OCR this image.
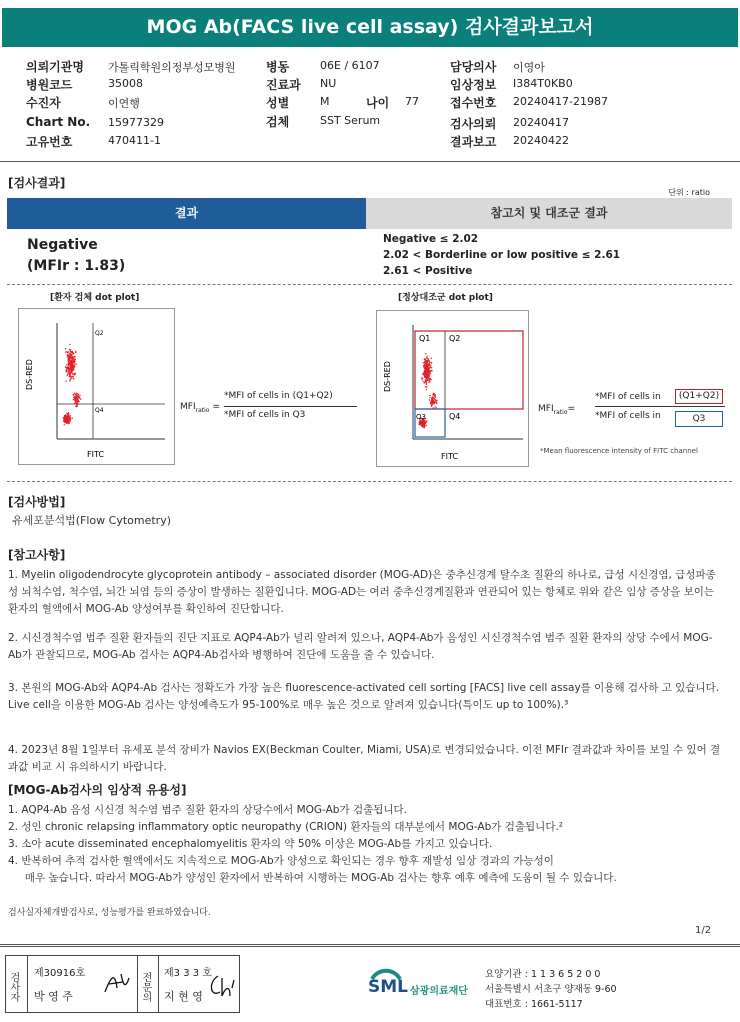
MOG Ab(FACS live cell assay) 검사결과보고서
의뢰기관명 가톨릭학원의정부성모병원
병원코드	35008
수진자	이연행
Chart No. 15977329
고유번호	470411-1
병동	06E / 6107
진료과 NU
성별	M	나이 77
검체	SST Serum
담당의사 이영아
임상정보 I384T0KB0
접수번호 20240417-21987
검사의뢰 20240417
결과보고 20240422
[검사결과]
단위 : ratio
결과	참고치 및 대조군 결과
Negative
(MFIr : 1.83)
Negative ≤ 2.02
2.02 < Borderline or low positive ≤ 2.61
2.61 < Positive
[환자 검체 dot plot]	[정상대조군 dot plot]
Q2
Q4
DS-RED
FITC
Q1 Q2
Q3	Q4
DS-RED
FITC
$MFI_{ratio}$ =
*MFI of cells in (Q1+Q2)
*MFI of cells in Q3
$MFI_{ratio}=$
*MFI of cells in	(Q1+Q2)
*MFI of cells in	Q3
*Mean fluorescence intensity of FITC channel
[검사방법]
유세포분석법(Flow Cytometry)
[참고사항]
1. Myelin oligodendrocyte glycoprotein antibody – associated disorder (MOG-AD)은 중추신경계 탈수초 질환의 하나로, 급성 시신경염, 급성파종성 뇌척수염, 척수염, 뇌간 뇌염 등의 증상이 발생하는 질환입니다. MOG-AD는 여러 중추신경계질환과 연관되어 있는 항체로 위와 같은 임상 증상을 보이는 환자의 혈액에서 MOG-Ab 양성여부를 확인하여 진단합니다.
2. 시신경척수염 범주 질환 환자들의 진단 지표로 AQP4-Ab가 널리 알려져 있으나, AQP4-Ab가 음성인 시신경척수염 범주 질환 환자의 상당 수에서 MOG-Ab가 관찰되므로, MOG-Ab 검사는 AQP4-Ab검사와 병행하여 진단에 도움을 줄 수 있습니다.
3. 본원의 MOG-Ab와 AQP4-Ab 검사는 정확도가 가장 높은 fluorescence-activated cell sorting [FACS] live cell assay를 이용해 검사하 고 있습니다. Live cell을 이용한 MOG-Ab 검사는 양성예측도가 95-100%로 매우 높은 것으로 알려져 있습니다(특이도 up to 100%).³
4. 2023년 8월 1일부터 유세포 분석 장비가 Navios EX(Beckman Coulter, Miami, USA)로 변경되었습니다. 이전 MFIr 결과값과 차이를 보일 수 있어 결과값 비교 시 유의하시기 바랍니다.
[MOG-Ab검사의 임상적 유용성]
1. AQP4-Ab 음성 시신경 척수염 범주 질환 환자의 상당수에서 MOG-Ab가 검출됩니다.
2. 성인 chronic relapsing inflammatory optic neuropathy (CRION) 환자들의 대부분에서 MOG-Ab가 검출됩니다.²
3. 소아 acute disseminated encephalomyelitis 환자의 약 50% 이상은 MOG-Ab를 가지고 있습니다.
4. 반복하여 추적 검사한 혈액에서도 지속적으로 MOG-Ab가 양성으로 확인되는 경우 향후 재발성 임상 경과의 가능성이
매우 높습니다. 따라서 MOG-Ab가 양성인 환자에서 반복하여 시행하는 MOG-Ab 검사는 향후 예후 예측에 도움이 될 수 있습니다.
검사실자체개발검사로, 성능평가를 완료하였습니다.
1/2
검사자	제30916호
박 영 주	전문의	제3 3 3 호
지 현 영	SML 삼광의료재단
요양기관 : 1 1 3 6 5 2 0 0
서울특별시 서초구 양재동 9-60
대표번호 : 1661-5117
